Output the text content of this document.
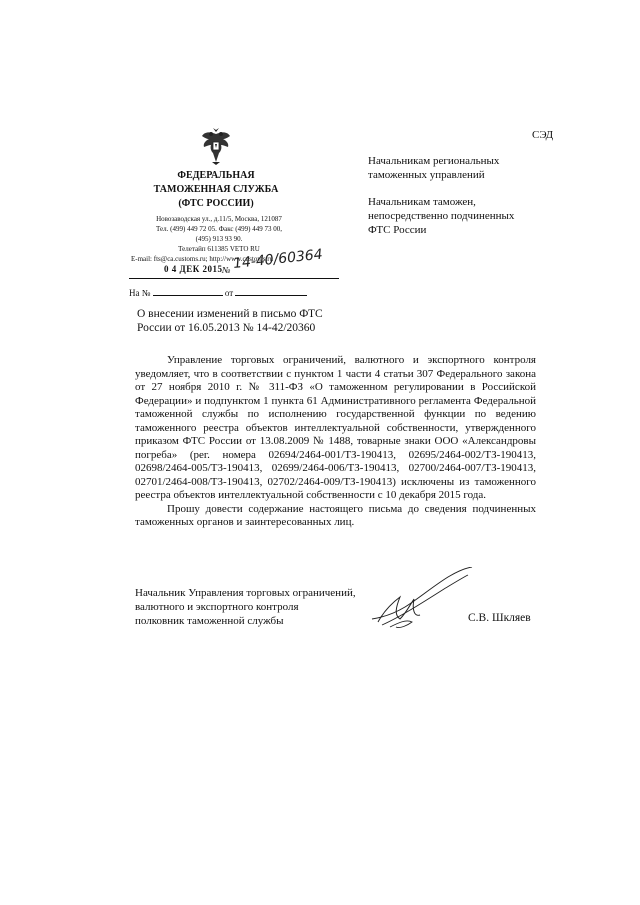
СЭД
ФЕДЕРАЛЬНАЯ
ТАМОЖЕННАЯ СЛУЖБА
(ФТС РОССИИ)
Новозаводская ул., д.11/5, Москва, 121087
Тел. (499) 449 72 05. Факс (499) 449 73 00,
(495) 913 93 90.
Телетайп 611385 VETO RU
E-mail: fts@ca.customs.ru; http://www.customs.ru
0 4 ДЕК 2015 № 14-40/60364
На №	от
О внесении изменений в письмо ФТС
России от 16.05.2013 № 14-42/20360
Начальникам региональных
таможенных управлений
Начальникам таможен,
непосредственно подчиненных
ФТС России

Управление торговых ограничений, валютного и экспортного контроля уведомляет, что в соответствии с пунктом 1 части 4 статьи 307 Федерального закона от 27 ноября 2010 г. № 311-ФЗ «О таможенном регулировании в Российской Федерации» и подпунктом 1 пункта 61 Административного регламента Федеральной таможенной службы по исполнению государственной функции по ведению таможенного реестра объектов интеллектуальной собственности, утвержденного приказом ФТС России от 13.08.2009 № 1488, товарные знаки ООО «Александровы погреба» (рег. номера 02694/2464-001/ТЗ-190413, 02695/2464-002/ТЗ-190413, 02698/2464-005/ТЗ-190413, 02699/2464-006/ТЗ-190413, 02700/2464-007/ТЗ-190413, 02701/2464-008/ТЗ-190413, 02702/2464-009/ТЗ-190413) исключены из таможенного реестра объектов интеллектуальной собственности с 10 декабря 2015 года.

Прошу довести содержание настоящего письма до сведения подчиненных таможенных органов и заинтересованных лиц.

Начальник Управления торговых ограничений,
валютного и экспортного контроля
полковник таможенной службы	С.В. Шкляев
